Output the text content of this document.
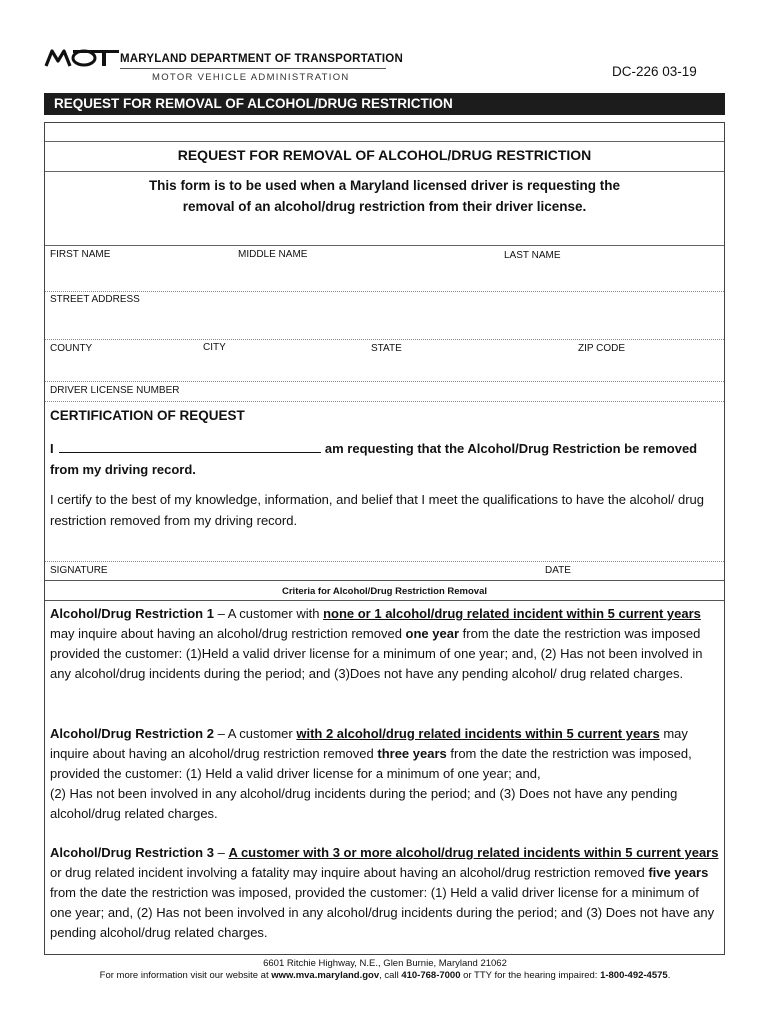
MARYLAND DEPARTMENT OF TRANSPORTATION
MOTOR VEHICLE ADMINISTRATION	DC-226 03-19
REQUEST FOR REMOVAL OF ALCOHOL/DRUG RESTRICTION
REQUEST FOR REMOVAL OF ALCOHOL/DRUG RESTRICTION
This form is to be used when a Maryland licensed driver is requesting the
removal of an alcohol/drug restriction from their driver license.
FIRST NAME	MIDDLE NAME	LAST NAME
STREET ADDRESS
COUNTY	CITY	STATE	ZIP CODE
DRIVER LICENSE NUMBER
CERTIFICATION OF REQUEST
I	am requesting that the Alcohol/Drug Restriction be removed
from my driving record.
I certify to the best of my knowledge, information, and belief that I meet the qualifications to have the alcohol/ drug restriction removed from my driving record.
SIGNATURE	DATE
Criteria for Alcohol/Drug Restriction Removal
Alcohol/Drug Restriction 1 – A customer with none or 1 alcohol/drug related incident within 5 current years may inquire about having an alcohol/drug restriction removed one year from the date the restriction was imposed provided the customer: (1)Held a valid driver license for a minimum of one year; and, (2) Has not been involved in any alcohol/drug incidents during the period; and (3)Does not have any pending alcohol/ drug related charges.
Alcohol/Drug Restriction 2 – A customer with 2 alcohol/drug related incidents within 5 current years may inquire about having an alcohol/drug restriction removed three years from the date the restriction was imposed, provided the customer: (1) Held a valid driver license for a minimum of one year; and,
(2) Has not been involved in any alcohol/drug incidents during the period; and (3) Does not have any pending alcohol/drug related charges.
Alcohol/Drug Restriction 3 – A customer with 3 or more alcohol/drug related incidents within 5 current years or drug related incident involving a fatality may inquire about having an alcohol/drug restriction removed five years from the date the restriction was imposed, provided the customer: (1) Held a valid driver license for a minimum of one year; and, (2) Has not been involved in any alcohol/drug incidents during the period; and (3) Does not have any pending alcohol/drug related charges.
6601 Ritchie Highway, N.E., Glen Burnie, Maryland 21062
For more information visit our website at www.mva.maryland.gov, call 410-768-7000 or TTY for the hearing impaired: 1-800-492-4575.
